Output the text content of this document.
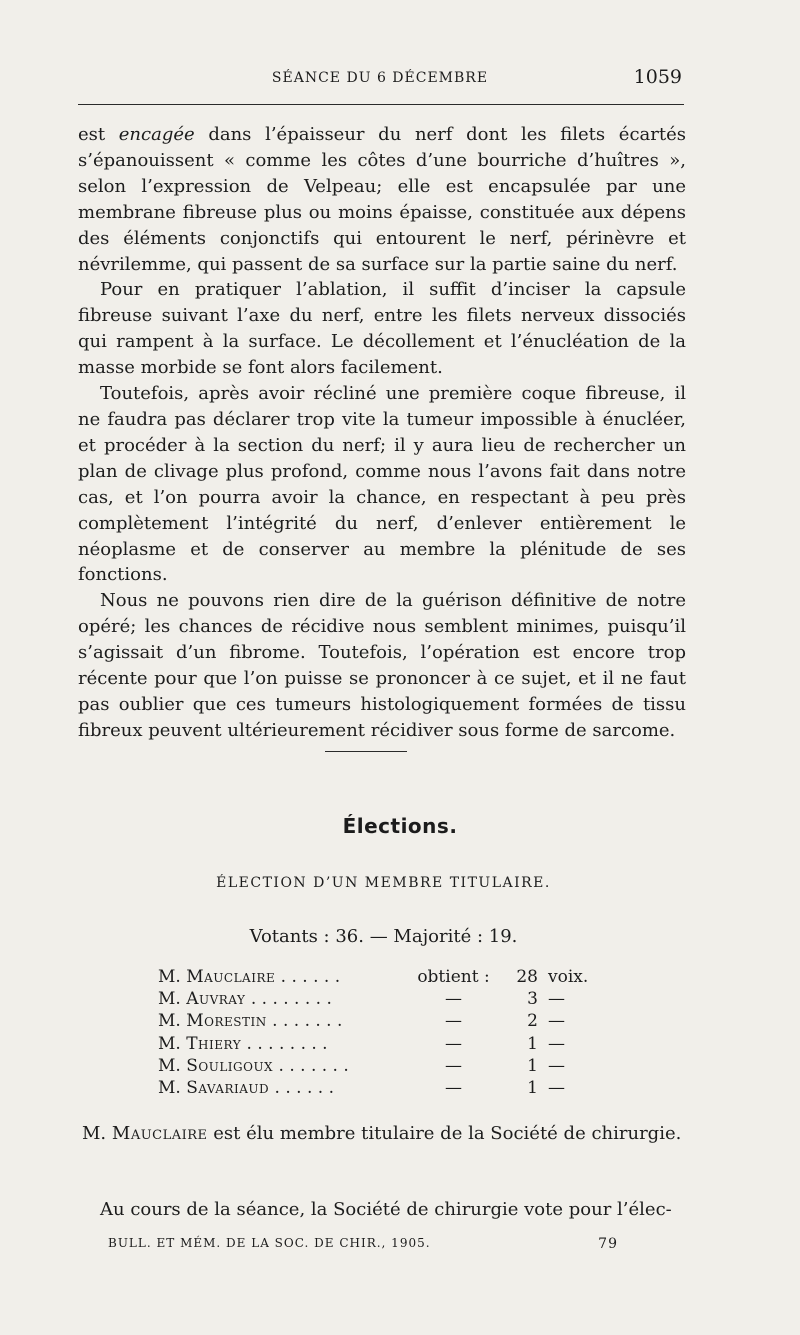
SÉANCE DU 6 DÉCEMBRE	1059

est encagée dans l’épaisseur du nerf dont les filets écartés s’épanouissent « comme les côtes d’une bourriche d’huîtres », selon l’expression de Velpeau; elle est encapsulée par une membrane fibreuse plus ou moins épaisse, constituée aux dépens des éléments conjonctifs qui entourent le nerf, périnèvre et névrilemme, qui passent de sa surface sur la partie saine du nerf.

Pour en pratiquer l’ablation, il suffit d’inciser la capsule fibreuse suivant l’axe du nerf, entre les filets nerveux dissociés qui rampent à la surface. Le décollement et l’énucléation de la masse morbide se font alors facilement.

Toutefois, après avoir récliné une première coque fibreuse, il ne faudra pas déclarer trop vite la tumeur impossible à énucléer, et procéder à la section du nerf; il y aura lieu de rechercher un plan de clivage plus profond, comme nous l’avons fait dans notre cas, et l’on pourra avoir la chance, en respectant à peu près complètement l’intégrité du nerf, d’enlever entièrement le néoplasme et de conserver au membre la plénitude de ses fonctions.

Nous ne pouvons rien dire de la guérison définitive de notre opéré; les chances de récidive nous semblent minimes, puisqu’il s’agissait d’un fibrome. Toutefois, l’opération est encore trop récente pour que l’on puisse se prononcer à ce sujet, et il ne faut pas oublier que ces tumeurs histologiquement formées de tissu fibreux peuvent ultérieurement récidiver sous forme de sarcome.

Élections.
ÉLECTION D’UN MEMBRE TITULAIRE.
Votants : 36. — Majorité : 19.
M. Mauclaire . . . . . .	obtient :	28 voix.
M. Auvray . . . . . . . .	—	3 —
M. Morestin . . . . . . .	—	2 —
M. Thiery . . . . . . . .	—	1 —
M. Souligoux . . . . . . .	—	1 —
M. Savariaud . . . . . .	—	1 —
M. Mauclaire est élu membre titulaire de la Société de chirurgie.
Au cours de la séance, la Société de chirurgie vote pour l’élec-
BULL. ET MÉM. DE LA SOC. DE CHIR., 1905.	79
